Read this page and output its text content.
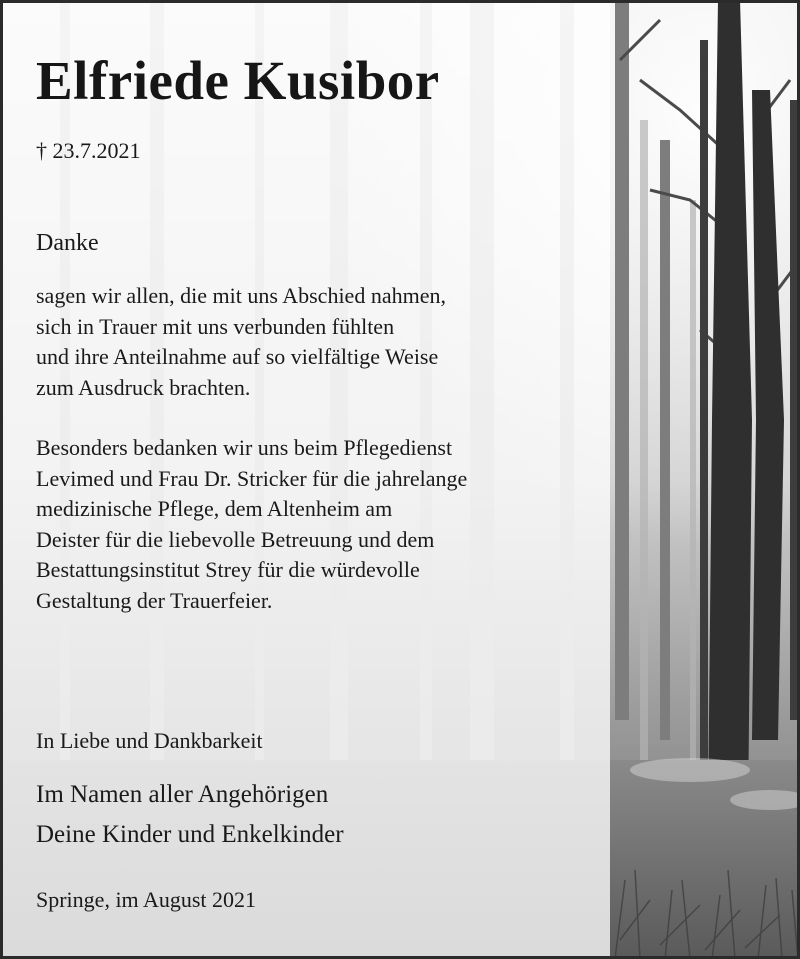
Elfriede Kusibor

† 23.7.2021

Danke

sagen wir allen, die mit uns Abschied nahmen,
sich in Trauer mit uns verbunden fühlten
und ihre Anteilnahme auf so vielfältige Weise
zum Ausdruck brachten.

Besonders bedanken wir uns beim Pflegedienst
Levimed und Frau Dr. Stricker für die jahrelange
medizinische Pflege, dem Altenheim am
Deister für die liebevolle Betreuung und dem
Bestattungsinstitut Strey für die würdevolle
Gestaltung der Trauerfeier.

In Liebe und Dankbarkeit

Im Namen aller Angehörigen
Deine Kinder und Enkelkinder

Springe, im August 2021
